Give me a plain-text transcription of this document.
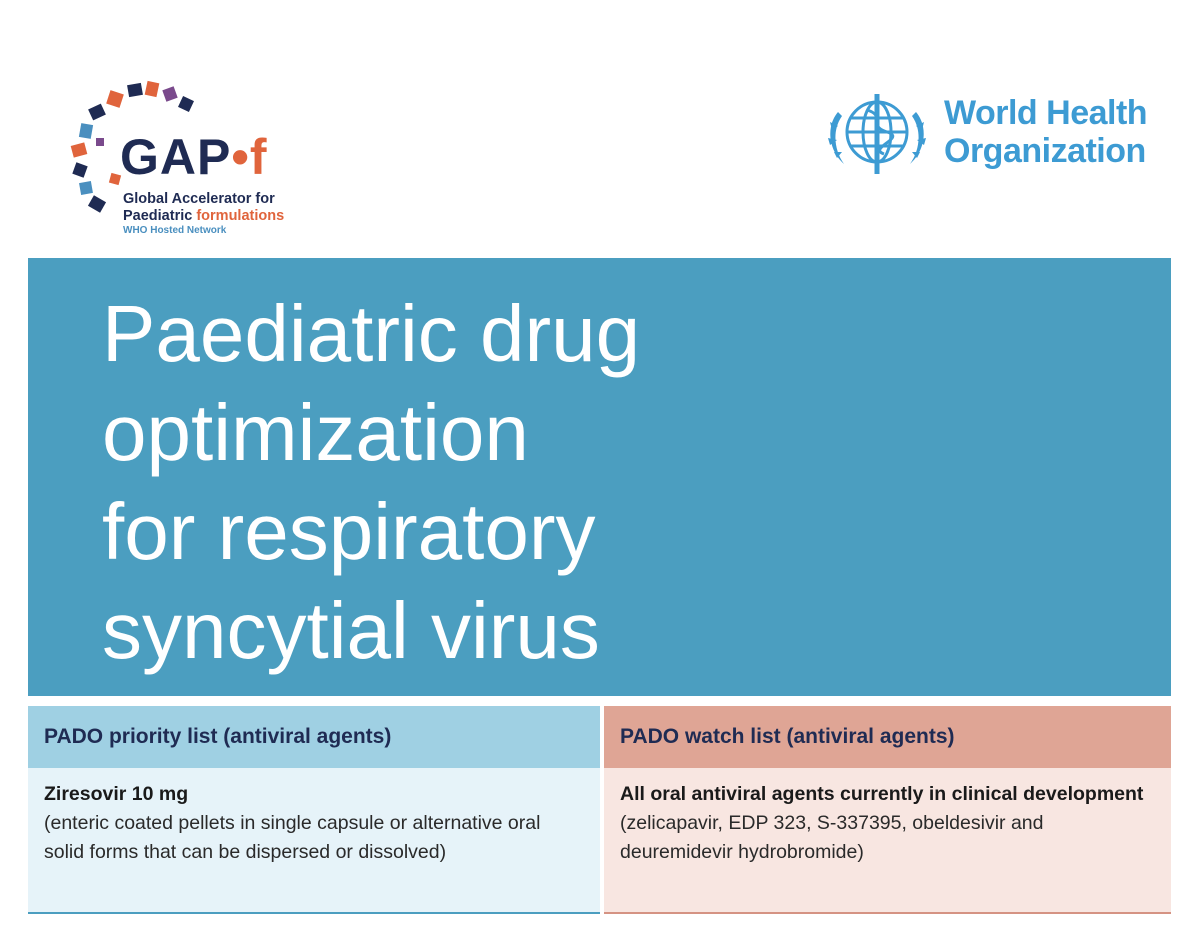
GAP•f
Global Accelerator for
Paediatric formulations
WHO Hosted Network
World Health
Organization
Paediatric drug
optimization
for respiratory
syncytial virus
PADO priority list (antiviral agents)

Ziresovir 10 mg

(enteric coated pellets in single capsule or alternative oral solid forms that can be dispersed or dissolved)

PADO watch list (antiviral agents)

All oral antiviral agents currently in clinical development (zelicapavir, EDP 323, S-337395, obeldesivir and deuremidevir hydrobromide)
